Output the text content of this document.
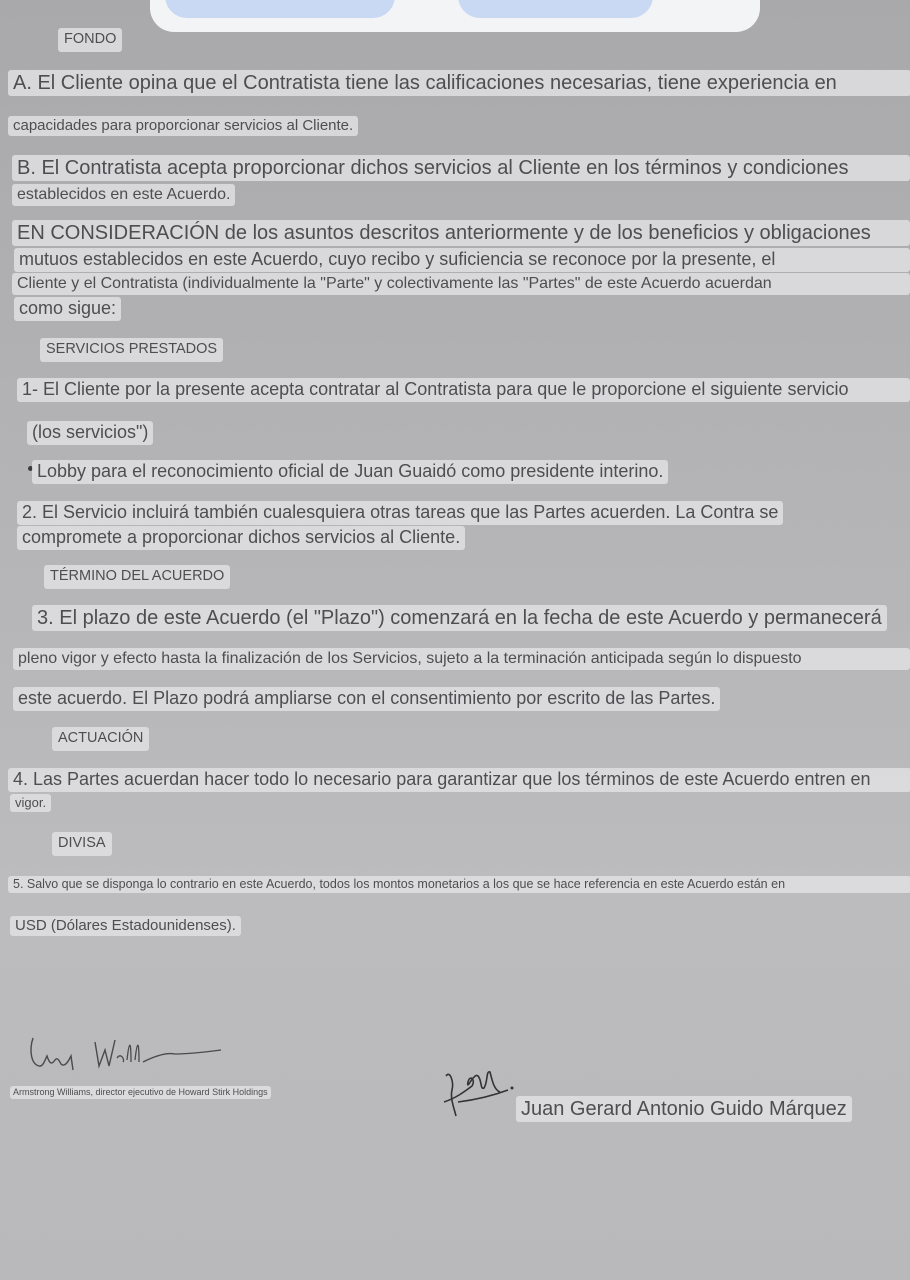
FONDO
A. El Cliente opina que el Contratista tiene las calificaciones necesarias, tiene experiencia en
capacidades para proporcionar servicios al Cliente.
B. El Contratista acepta proporcionar dichos servicios al Cliente en los términos y condiciones
establecidos en este Acuerdo.
EN CONSIDERACIÓN de los asuntos descritos anteriormente y de los beneficios y obligaciones
mutuos establecidos en este Acuerdo, cuyo recibo y suficiencia se reconoce por la presente, el
Cliente y el Contratista (individualmente la "Parte" y colectivamente las "Partes" de este Acuerdo acuerdan
como sigue:
SERVICIOS PRESTADOS
1- El Cliente por la presente acepta contratar al Contratista para que le proporcione el siguiente servicio
(los servicios")
Lobby para el reconocimiento oficial de Juan Guaidó como presidente interino.
2. El Servicio incluirá también cualesquiera otras tareas que las Partes acuerden. La Contra se
compromete a proporcionar dichos servicios al Cliente.
TÉRMINO DEL ACUERDO
3. El plazo de este Acuerdo (el "Plazo") comenzará en la fecha de este Acuerdo y permanecerá
pleno vigor y efecto hasta la finalización de los Servicios, sujeto a la terminación anticipada según lo dispuesto
este acuerdo. El Plazo podrá ampliarse con el consentimiento por escrito de las Partes.
ACTUACIÓN
4. Las Partes acuerdan hacer todo lo necesario para garantizar que los términos de este Acuerdo entren en
vigor.
DIVISA
5. Salvo que se disponga lo contrario en este Acuerdo, todos los montos monetarios a los que se hace referencia en este Acuerdo están en
USD (Dólares Estadounidenses).
Armstrong Williams, director ejecutivo de Howard Stirk Holdings
Juan Gerard Antonio Guido Márquez
